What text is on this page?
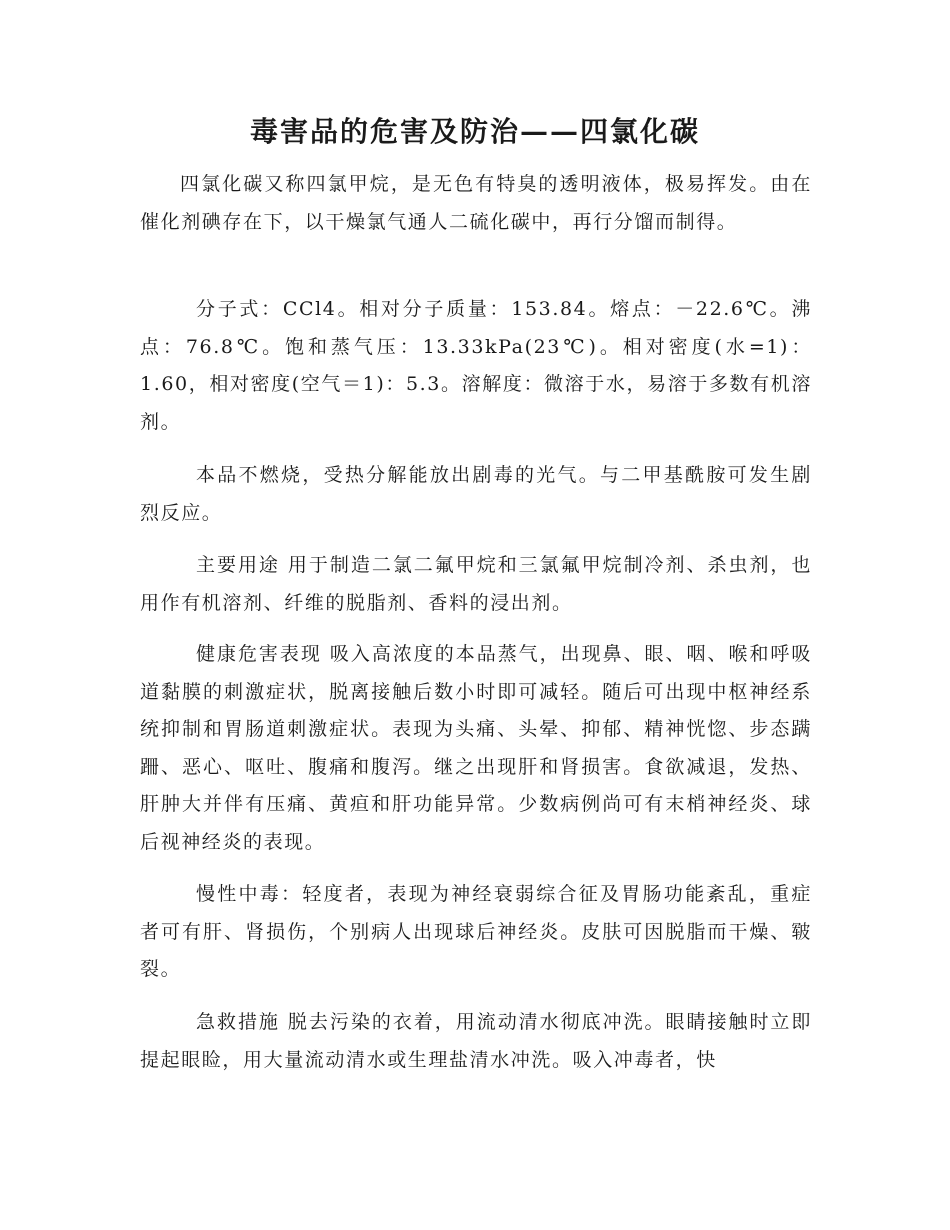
毒害品的危害及防治——四氯化碳

四氯化碳又称四氯甲烷，是无色有特臭的透明液体，极易挥发。由在催化剂碘存在下，以干燥氯气通人二硫化碳中，再行分馏而制得。

分子式：CCl4。相对分子质量：153.84。熔点：－22.6℃。沸点：76.8℃。饱和蒸气压：13.33kPa(23℃)。相对密度(水=1)：1.60，相对密度(空气＝1)：5.3。溶解度：微溶于水，易溶于多数有机溶剂。

本品不燃烧，受热分解能放出剧毒的光气。与二甲基酰胺可发生剧烈反应。

主要用途 用于制造二氯二氟甲烷和三氯氟甲烷制冷剂、杀虫剂，也用作有机溶剂、纤维的脱脂剂、香料的浸出剂。

健康危害表现 吸入高浓度的本品蒸气，出现鼻、眼、咽、喉和呼吸道黏膜的刺激症状，脱离接触后数小时即可减轻。随后可出现中枢神经系统抑制和胃肠道刺激症状。表现为头痛、头晕、抑郁、精神恍惚、步态蹒跚、恶心、呕吐、腹痛和腹泻。继之出现肝和肾损害。食欲减退，发热、肝肿大并伴有压痛、黄疸和肝功能异常。少数病例尚可有末梢神经炎、球后视神经炎的表现。

慢性中毒：轻度者，表现为神经衰弱综合征及胃肠功能紊乱，重症者可有肝、肾损伤，个别病人出现球后神经炎。皮肤可因脱脂而干燥、皲裂。

急救措施 脱去污染的衣着，用流动清水彻底冲洗。眼睛接触时立即提起眼睑，用大量流动清水或生理盐清水冲洗。吸入冲毒者，快
